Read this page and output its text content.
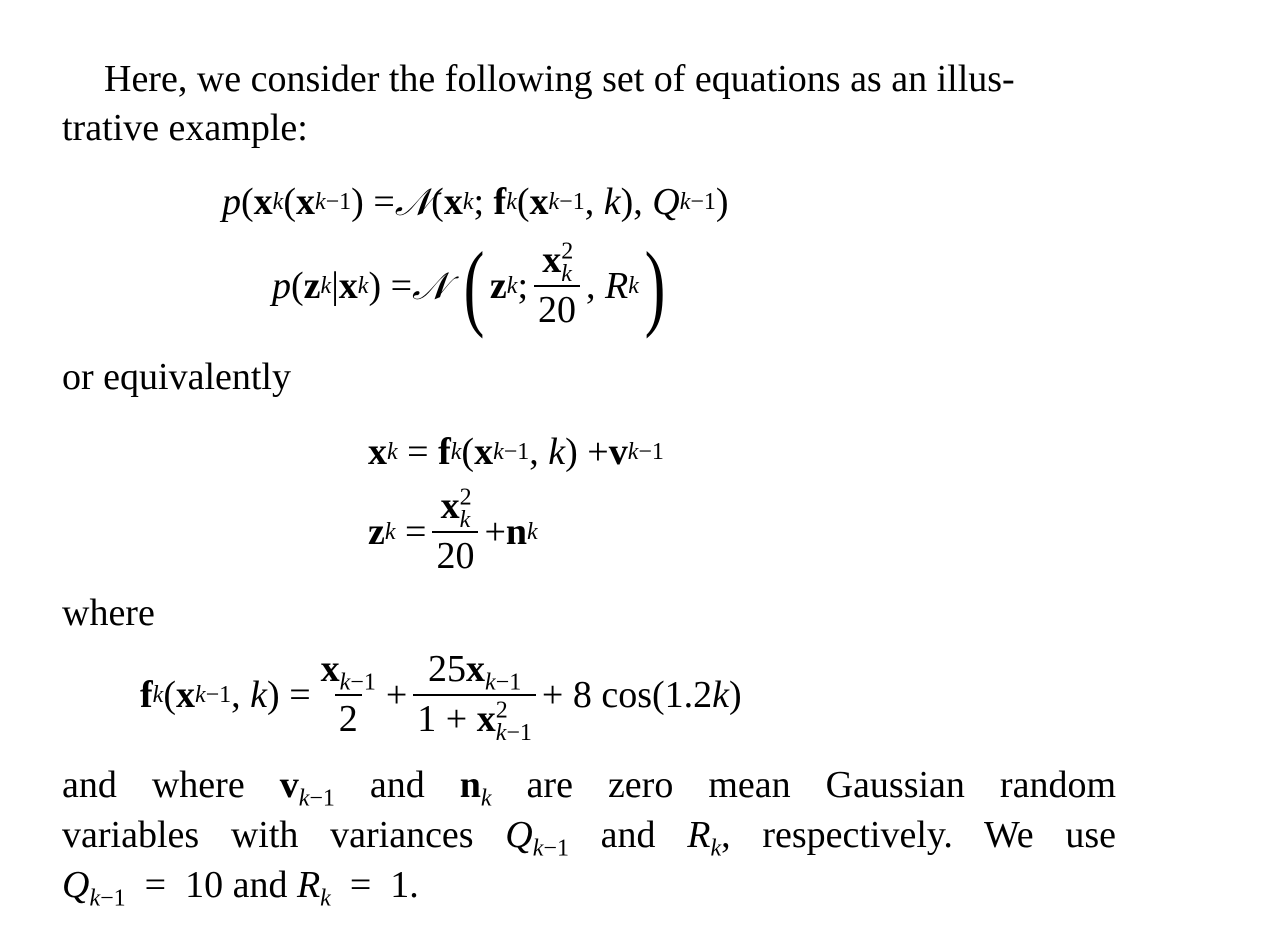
Here, we consider the following set of equations as an illus-
trative example:
p ( x k ( x k−1 ) = 𝒩 ( x k ; f k ( x k−1 , k ), Q k−1 )
p ( z k | x k ) = 𝒩
( z k ; $\frac{x^2_k}{20}$ , R k )
or equivalently
x k = f k ( x k−1 , k ) + v k−1
z $k = \frac{x^2_k}{20} + n$ k
where
f k ( x k−1 , k ) = $\frac{x_{k-1}}{2} + \frac{25x_{k-1}}{1 + x^2_{k-1}} + 8$ cos(1.2 k )
and where $v_{k-1}$ and $n_k$ are zero mean Gaussian random
variables with variances $Q_{k-1}$ and $R_k$, respectively. We use
$Q_{k-1} = 10$ and $R_k = 1$.
